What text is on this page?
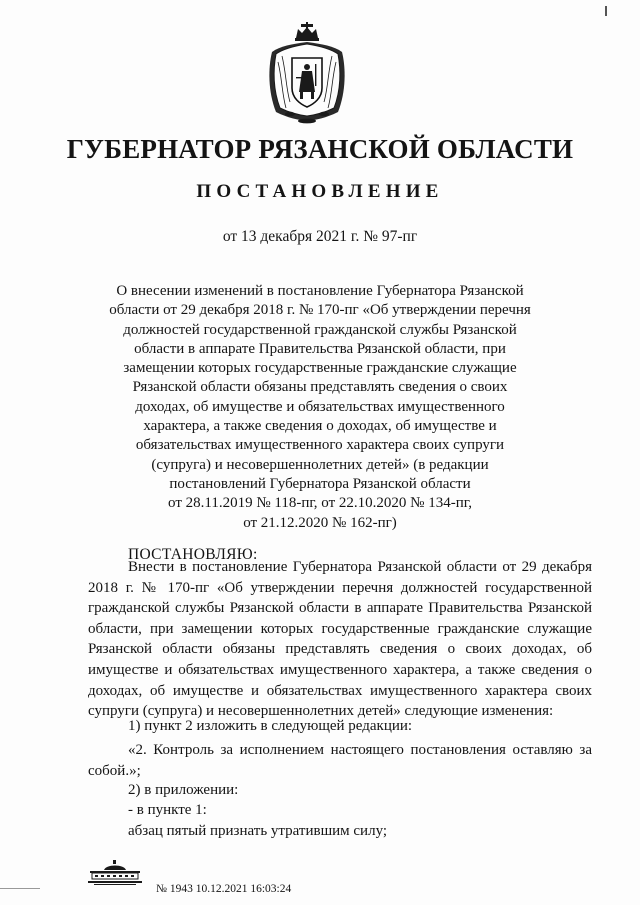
ГУБЕРНАТОР РЯЗАНСКОЙ ОБЛАСТИ
ПОСТАНОВЛЕНИЕ
от 13 декабря 2021 г. № 97-пг
О внесении изменений в постановление Губернатора Рязанской
области от 29 декабря 2018 г. № 170-пг «Об утверждении перечня
должностей государственной гражданской службы Рязанской
области в аппарате Правительства Рязанской области, при
замещении которых государственные гражданские служащие
Рязанской области обязаны представлять сведения о своих
доходах, об имуществе и обязательствах имущественного
характера, а также сведения о доходах, об имуществе и
обязательствах имущественного характера своих супруги
(супруга) и несовершеннолетних детей» (в редакции
постановлений Губернатора Рязанской области
от 28.11.2019 № 118-пг, от 22.10.2020 № 134-пг,
от 21.12.2020 № 162-пг)
ПОСТАНОВЛЯЮ:
Внести в постановление Губернатора Рязанской области от 29 декабря
2018 г. № 170-пг «Об утверждении перечня должностей государственной
гражданской службы Рязанской области в аппарате Правительства Рязанской
области, при замещении которых государственные гражданские служащие
Рязанской области обязаны представлять сведения о своих доходах, об
имуществе и обязательствах имущественного характера, а также сведения о
доходах, об имуществе и обязательствах имущественного характера своих
супруги (супруга) и несовершеннолетних детей» следующие изменения:
1) пункт 2 изложить в следующей редакции:
«2. Контроль за исполнением настоящего постановления оставляю за
собой.»;
2) в приложении:
- в пункте 1:
абзац пятый признать утратившим силу;
№ 1943 10.12.2021 16:03:24
